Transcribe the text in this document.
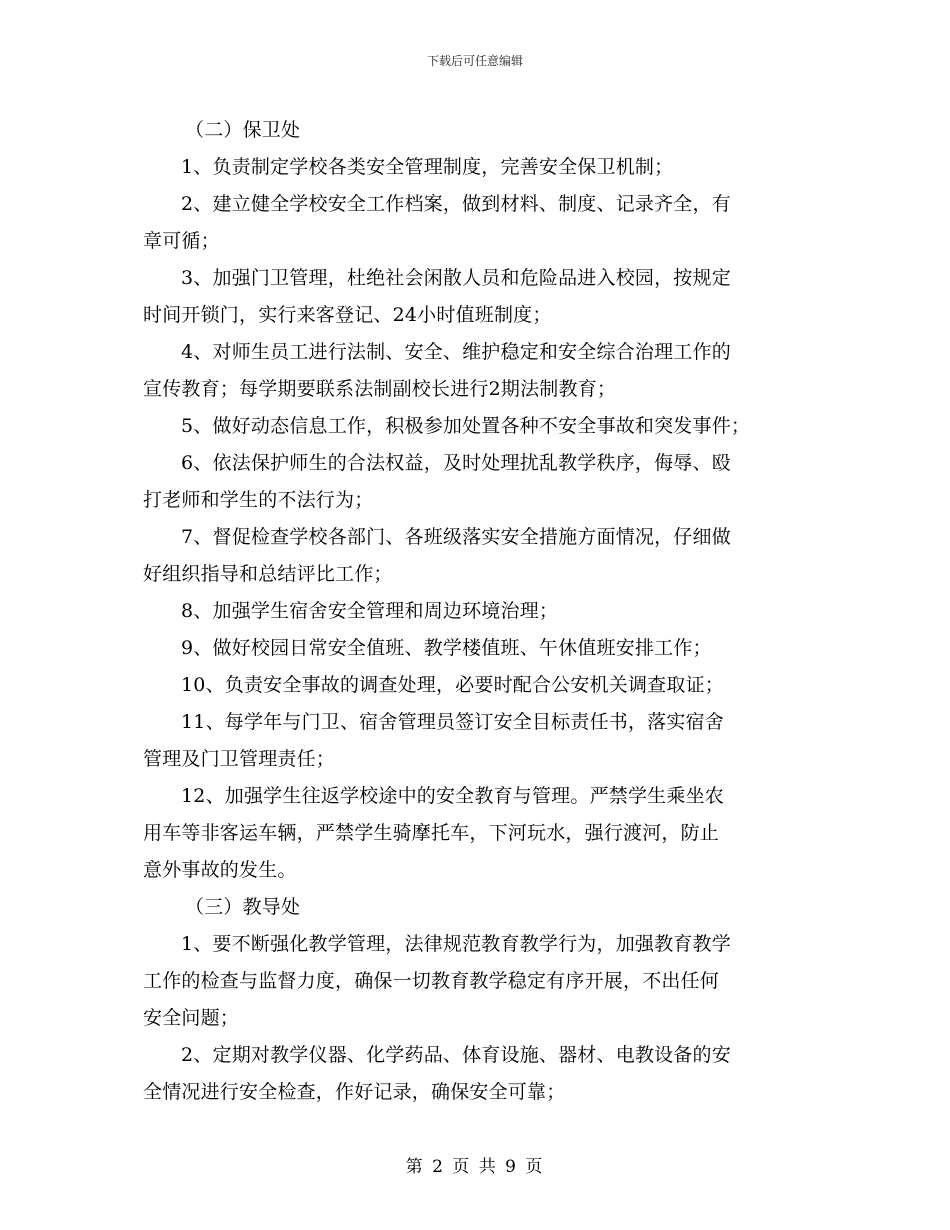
下载后可任意编辑
（二）保卫处
1、负责制定学校各类安全管理制度，完善安全保卫机制；
2、建立健全学校安全工作档案，做到材料、制度、记录齐全，有
章可循；
3、加强门卫管理，杜绝社会闲散人员和危险品进入校园，按规定
时间开锁门，实行来客登记、24小时值班制度；
4、对师生员工进行法制、安全、维护稳定和安全综合治理工作的
宣传教育；每学期要联系法制副校长进行2期法制教育；
5、做好动态信息工作，积极参加处置各种不安全事故和突发事件；
6、依法保护师生的合法权益，及时处理扰乱教学秩序，侮辱、殴
打老师和学生的不法行为；
7、督促检查学校各部门、各班级落实安全措施方面情况，仔细做
好组织指导和总结评比工作；
8、加强学生宿舍安全管理和周边环境治理；
9、做好校园日常安全值班、教学楼值班、午休值班安排工作；
10、负责安全事故的调查处理，必要时配合公安机关调查取证；
11、每学年与门卫、宿舍管理员签订安全目标责任书，落实宿舍
管理及门卫管理责任；
12、加强学生往返学校途中的安全教育与管理。严禁学生乘坐农
用车等非客运车辆，严禁学生骑摩托车，下河玩水，强行渡河，防止
意外事故的发生。
（三）教导处
1、要不断强化教学管理，法律规范教育教学行为，加强教育教学
工作的检查与监督力度，确保一切教育教学稳定有序开展，不出任何
安全问题；
2、定期对教学仪器、化学药品、体育设施、器材、电教设备的安
全情况进行安全检查，作好记录，确保安全可靠；
第 2 页 共 9 页
